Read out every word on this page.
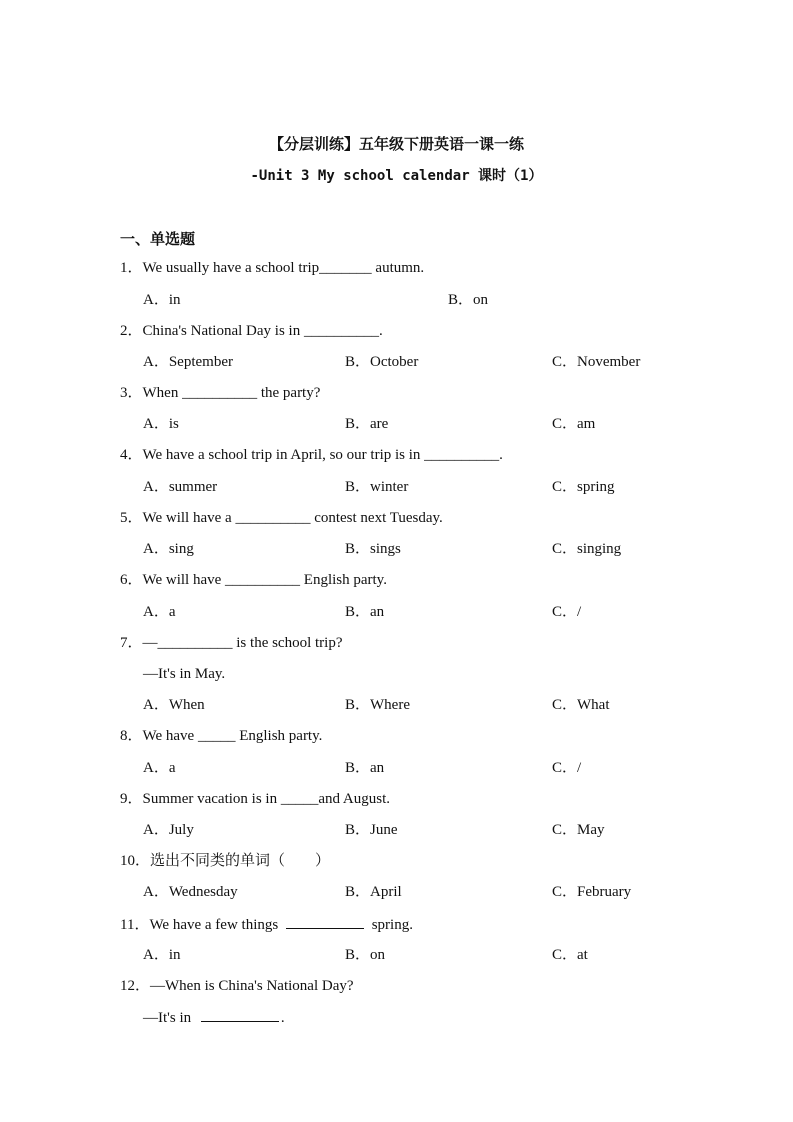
【分层训练】五年级下册英语一课一练
-Unit 3 My school calendar 课时（1）
一、单选题
1．We usually have a school trip_______ autumn.
A．in	B．on
2．China's National Day is in __________.
A．September	B．October	C．November
3．When __________ the party?
A．is	B．are	C．am
4．We have a school trip in April, so our trip is in __________.
A．summer	B．winter	C．spring
5．We will have a __________ contest next Tuesday.
A．sing	B．sings	C．singing
6．We will have __________ English party.
A．a	B．an	C．/
7．—__________ is the school trip?
—It's in May.
A．When	B．Where	C．What
8．We have _____ English party.
A．a	B．an	C．/
9．Summer vacation is in _____and August.
A．July	B．June	C．May
10．选出不同类的单词（　　）
A．Wednesday	B．April	C．February
11．We have a few things	spring.
A．in	B．on	C．at
12．—When is China's National Day?
—It's in	.
